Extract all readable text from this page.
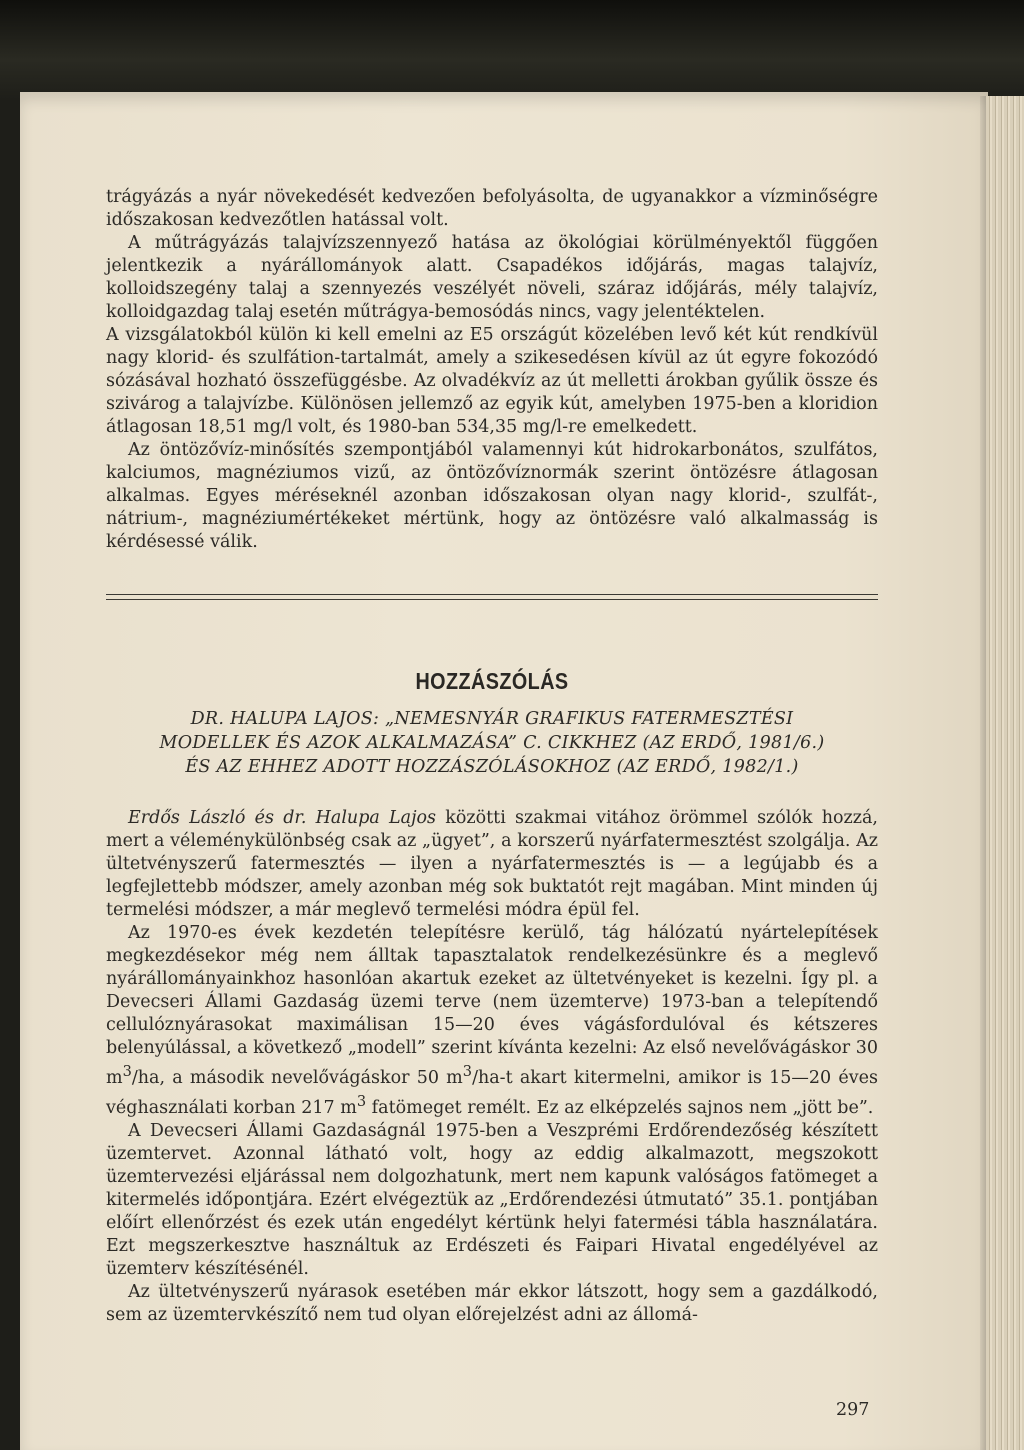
trágyázás a nyár növekedését kedvezően befolyásolta, de ugyanakkor a vízminőségre időszakosan kedvezőtlen hatással volt.

A műtrágyázás talajvízszennyező hatása az ökológiai körülményektől függően jelentkezik a nyárállományok alatt. Csapadékos időjárás, magas talajvíz, kolloidszegény talaj a szennyezés veszélyét növeli, száraz időjárás, mély talajvíz, kolloidgazdag talaj esetén műtrágya-bemosódás nincs, vagy jelentéktelen.

A vizsgálatokból külön ki kell emelni az E5 országút közelében levő két kút rendkívül nagy klorid- és szulfátion-tartalmát, amely a szikesedésen kívül az út egyre fokozódó sózásával hozható összefüggésbe. Az olvadékvíz az út melletti árokban gyűlik össze és szivárog a talajvízbe. Különösen jellemző az egyik kút, amelyben 1975-ben a kloridion átlagosan 18,51 mg/l volt, és 1980-ban 534,35 mg/l-re emelkedett.

Az öntözővíz-minősítés szempontjából valamennyi kút hidrokarbonátos, szulfátos, kalciumos, magnéziumos vizű, az öntözővíznormák szerint öntözésre átlagosan alkalmas. Egyes méréseknél azonban időszakosan olyan nagy klorid-, szulfát-, nátrium-, magnéziumértékeket mértünk, hogy az öntözésre való alkalmasság is kérdésessé válik.

HOZZÁSZÓLÁS
DR. HALUPA LAJOS: „NEMESNYÁR GRAFIKUS FATERMESZTÉSI
MODELLEK ÉS AZOK ALKALMAZÁSA” C. CIKKHEZ (AZ ERDŐ, 1981/6.)
ÉS AZ EHHEZ ADOTT HOZZÁSZÓLÁSOKHOZ (AZ ERDŐ, 1982/1.)

Erdős László és dr. Halupa Lajos közötti szakmai vitához örömmel szólók hozzá, mert a véleménykülönbség csak az „ügyet”, a korszerű nyárfatermesztést szolgálja. Az ültetvényszerű fatermesztés — ilyen a nyárfatermesztés is — a legújabb és a legfejlettebb módszer, amely azonban még sok buktatót rejt magában. Mint minden új termelési módszer, a már meglevő termelési módra épül fel.

Az 1970-es évek kezdetén telepítésre kerülő, tág hálózatú nyártelepítések megkezdésekor még nem álltak tapasztalatok rendelkezésünkre és a meglevő nyárállományainkhoz hasonlóan akartuk ezeket az ültetvényeket is kezelni. Így pl. a Devecseri Állami Gazdaság üzemi terve (nem üzemterve) 1973-ban a telepítendő cellulóznyárasokat maximálisan 15—20 éves vágásfordulóval és kétszeres belenyúlással, a következő „modell” szerint kívánta kezelni: Az első nevelővágáskor 30 $m^3/ha$, a második nevelővágáskor 50 $m^3/ha-t$ akart kitermelni, amikor is 15—20 éves véghasználati korban 217 $m^3$ fatömeget remélt. Ez az elképzelés sajnos nem „jött be”.

A Devecseri Állami Gazdaságnál 1975-ben a Veszprémi Erdőrendezőség készített üzemtervet. Azonnal látható volt, hogy az eddig alkalmazott, megszokott üzemtervezési eljárással nem dolgozhatunk, mert nem kapunk valóságos fatömeget a kitermelés időpontjára. Ezért elvégeztük az „Erdőrendezési útmutató” 35.1. pontjában előírt ellenőrzést és ezek után engedélyt kértünk helyi fatermési tábla használatára. Ezt megszerkesztve használtuk az Erdészeti és Faipari Hivatal engedélyével az üzemterv készítésénél.

Az ültetvényszerű nyárasok esetében már ekkor látszott, hogy sem a gazdálkodó, sem az üzemtervkészítő nem tud olyan előrejelzést adni az állomá-

297
